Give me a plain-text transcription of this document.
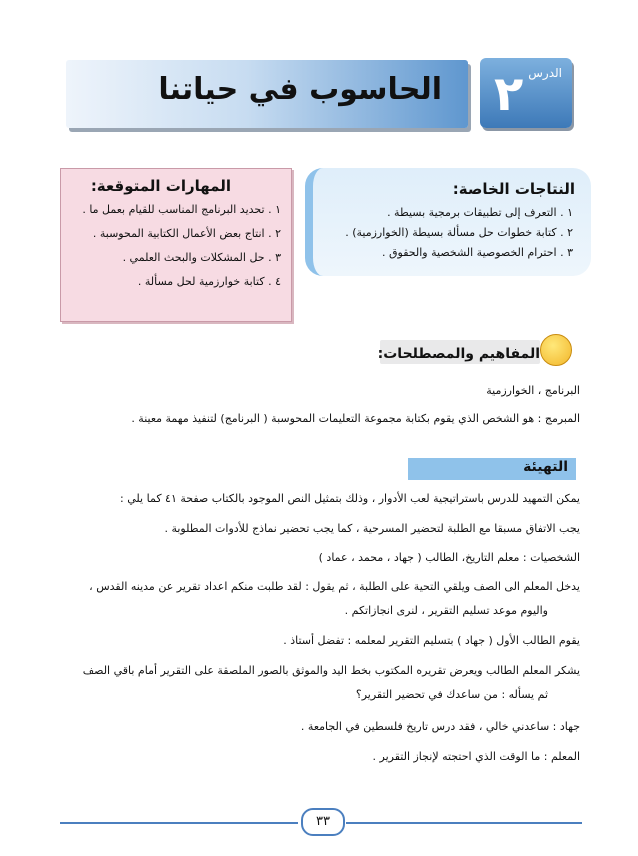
الحاسوب في حياتنا	الدرس
٢
النتاجات الخاصة:
١ . التعرف إلى تطبيقات برمجية بسيطة .
٢ . كتابة خطوات حل مسألة بسيطة (الخوارزمية) .
٣ . احترام الخصوصية الشخصية والحقوق .
المهارات المتوقعة:
١ . تحديد البرنامج المناسب للقيام بعمل ما .
٢ . انتاج بعض الأعمال الكتابية المحوسبة .
٣ . حل المشكلات والبحث العلمي .
٤ . كتابة خوارزمية لحل مسألة .
المفاهيم والمصطلحات:
البرنامج ، الخوارزمية
المبرمج : هو الشخص الذي يقوم بكتابة مجموعة التعليمات المحوسبة ( البرنامج) لتنفيذ مهمة معينة .
التهيئة
يمكن التمهيد للدرس باستراتيجية لعب الأدوار ، وذلك بتمثيل النص الموجود بالكتاب صفحة ٤١ كما يلي :
يجب الاتفاق مسبقا مع الطلبة لتحضير المسرحية ، كما يجب تحضير نماذج للأدوات المطلوبة .
الشخصيات : معلم التاريخ، الطالب ( جهاد ، محمد ، عماد )
يدخل المعلم الى الصف ويلقي التحية على الطلبة ، ثم يقول : لقد طلبت منكم اعداد تقرير عن مدينه القدس ،
واليوم موعد تسليم التقرير ، لنرى انجازاتكم .
يقوم الطالب الأول ( جهاد ) بتسليم التقرير لمعلمه : تفضل أستاذ .
يشكر المعلم الطالب ويعرض تقريره المكتوب بخط اليد والموثق بالصور الملصقة على التقرير أمام باقي الصف
ثم يسأله : من ساعدك في تحضير التقرير؟
جهاد : ساعدني خالي ، فقد درس تاريخ فلسطين في الجامعة .
المعلم : ما الوقت الذي احتجته لإنجاز التقرير .
٣٣
